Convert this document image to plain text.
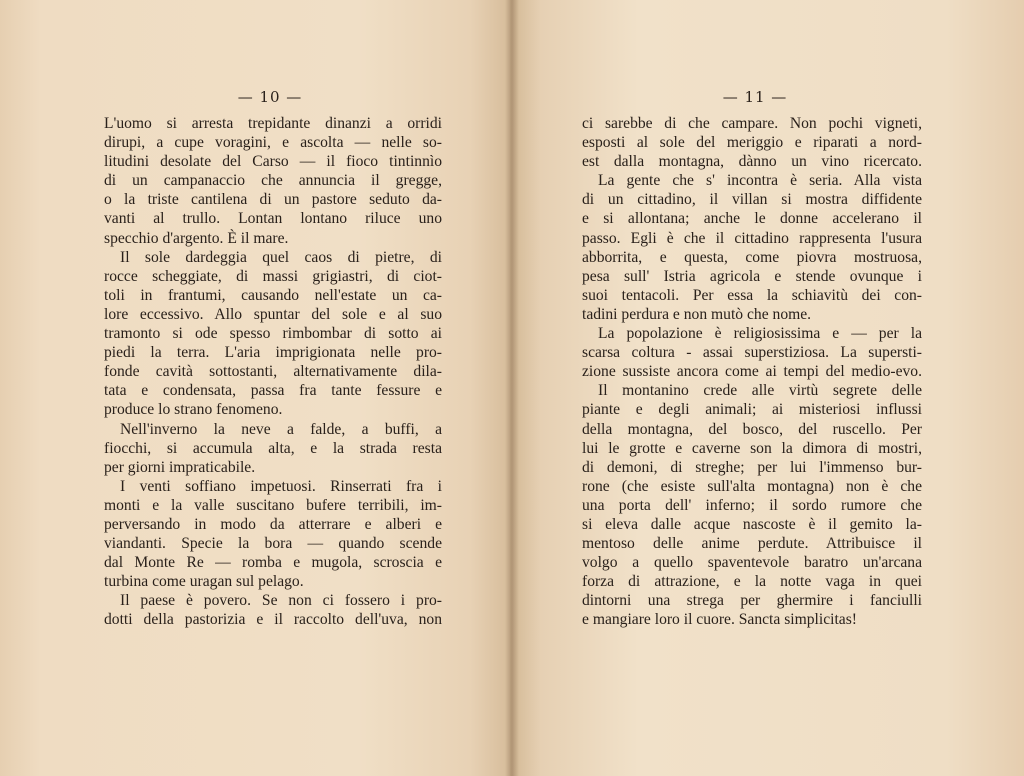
— 10 —
L'uomo si arresta trepidante dinanzi a orridi
dirupi, a cupe voragini, e ascolta — nelle so-
litudini desolate del Carso — il fioco tintinnìo
di un campanaccio che annuncia il gregge,
o la triste cantilena di un pastore seduto da-
vanti al trullo. Lontan lontano riluce uno
specchio d'argento. È il mare.
Il sole dardeggia quel caos di pietre, di
rocce scheggiate, di massi grigiastri, di ciot-
toli in frantumi, causando nell'estate un ca-
lore eccessivo. Allo spuntar del sole e al suo
tramonto si ode spesso rimbombar di sotto ai
piedi la terra. L'aria imprigionata nelle pro-
fonde cavità sottostanti, alternativamente dila-
tata e condensata, passa fra tante fessure e
produce lo strano fenomeno.
Nell'inverno la neve a falde, a buffi, a
fiocchi, si accumula alta, e la strada resta
per giorni impraticabile.
I venti soffiano impetuosi. Rinserrati fra i
monti e la valle suscitano bufere terribili, im-
perversando in modo da atterrare e alberi e
viandanti. Specie la bora — quando scende
dal Monte Re — romba e mugola, scroscia e
turbina come uragan sul pelago.
Il paese è povero. Se non ci fossero i pro-
dotti della pastorizia e il raccolto dell'uva, non
— 11 —
ci sarebbe di che campare. Non pochi vigneti,
esposti al sole del meriggio e riparati a nord-
est dalla montagna, dànno un vino ricercato.
La gente che s' incontra è seria. Alla vista
di un cittadino, il villan si mostra diffidente
e si allontana; anche le donne accelerano il
passo. Egli è che il cittadino rappresenta l'usura
abborrita, e questa, come piovra mostruosa,
pesa sull' Istria agricola e stende ovunque i
suoi tentacoli. Per essa la schiavitù dei con-
tadini perdura e non mutò che nome.
La popolazione è religiosissima e — per la
scarsa coltura - assai superstiziosa. La supersti-
zione sussiste ancora come ai tempi del medio-evo.
Il montanino crede alle virtù segrete delle
piante e degli animali; ai misteriosi influssi
della montagna, del bosco, del ruscello. Per
lui le grotte e caverne son la dimora di mostri,
di demoni, di streghe; per lui l'immenso bur-
rone (che esiste sull'alta montagna) non è che
una porta dell' inferno; il sordo rumore che
si eleva dalle acque nascoste è il gemito la-
mentoso delle anime perdute. Attribuisce il
volgo a quello spaventevole baratro un'arcana
forza di attrazione, e la notte vaga in quei
dintorni una strega per ghermire i fanciulli
e mangiare loro il cuore. Sancta simplicitas!
